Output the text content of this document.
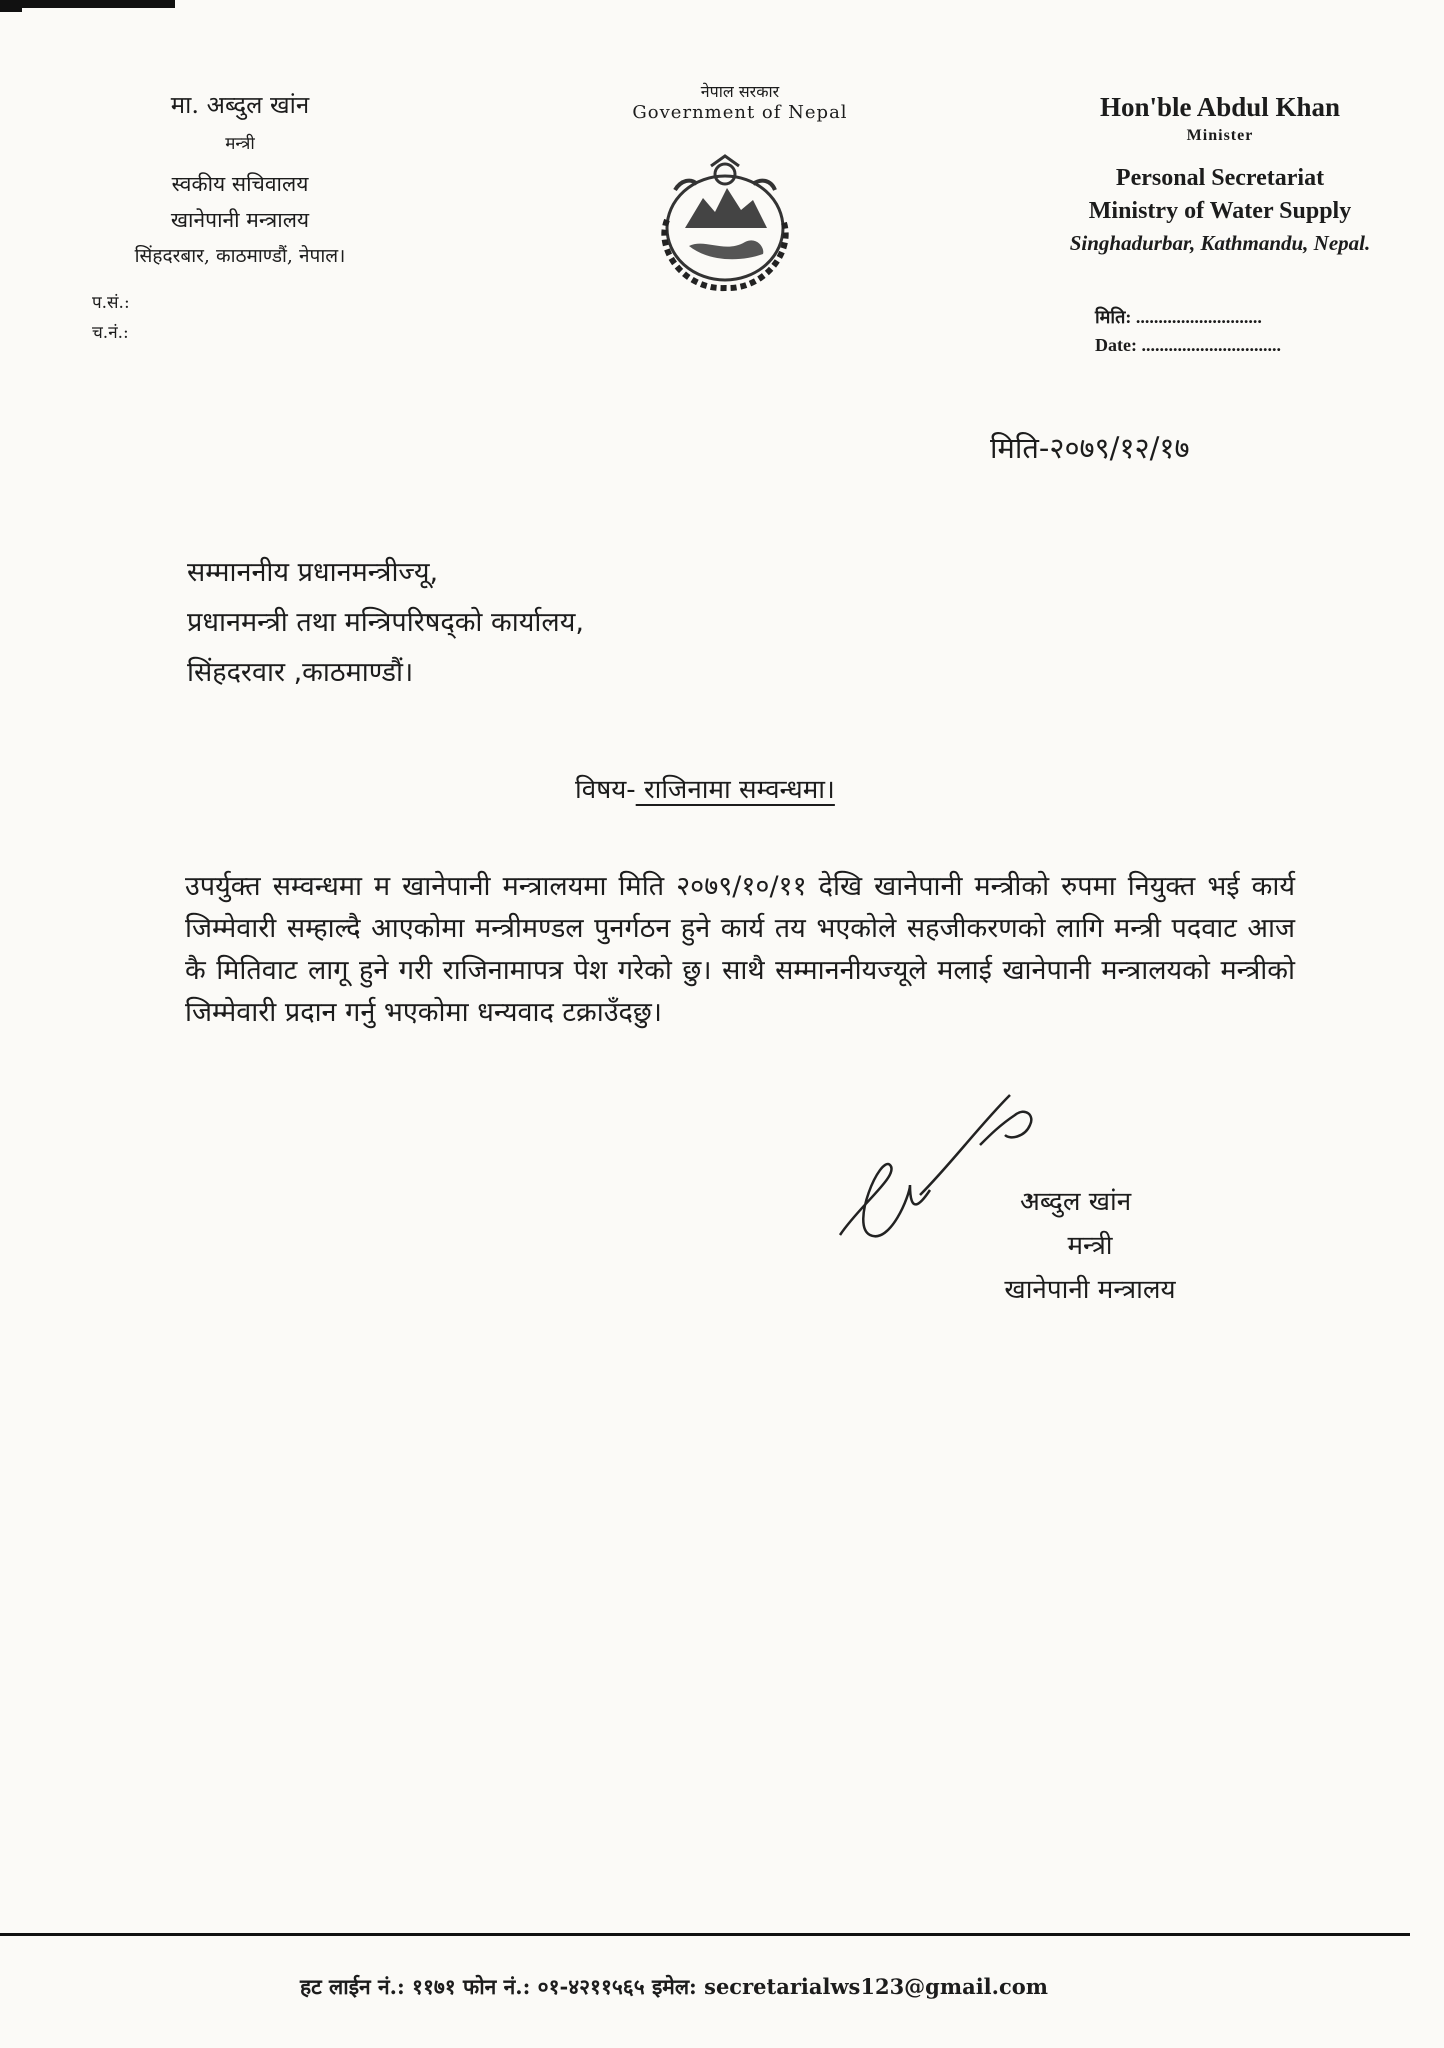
मा. अब्दुल खांन
मन्त्री
स्वकीय सचिवालय
खानेपानी मन्त्रालय
सिंहदरबार, काठमाण्डौं, नेपाल।
प.सं.:
च.नं.:
नेपाल सरकार
Government of Nepal	Hon'ble Abdul Khan
Minister
Personal Secretariat
Ministry of Water Supply
Singhadurbar, Kathmandu, Nepal.
मिति: ............................
Date: ...............................
मिति-२०७९/१२/१७
सम्माननीय प्रधानमन्त्रीज्यू,
प्रधानमन्त्री तथा मन्त्रिपरिषद्को कार्यालय,
सिंहदरवार ,काठमाण्डौं।
विषय- राजिनामा सम्वन्धमा।
उपर्युक्त सम्वन्धमा म खानेपानी मन्त्रालयमा मिति २०७९/१०/११ देखि खानेपानी मन्त्रीको रुपमा नियुक्त भई कार्य जिम्मेवारी सम्हाल्दै आएकोमा मन्त्रीमण्डल पुनर्गठन हुने कार्य तय भएकोले सहजीकरणको लागि मन्त्री पदवाट आज कै मितिवाट लागू हुने गरी राजिनामापत्र पेश गरेको छु। साथै सम्माननीयज्यूले मलाई खानेपानी मन्त्रालयको मन्त्रीको जिम्मेवारी प्रदान गर्नु भएकोमा धन्यवाद टक्राउँदछु।
अब्दुल खांन
मन्त्री
खानेपानी मन्त्रालय
हट लाईन नं.: ११७१ फोन नं.: ०१-४२११५६५ इमेल: secretarialws123@gmail.com
